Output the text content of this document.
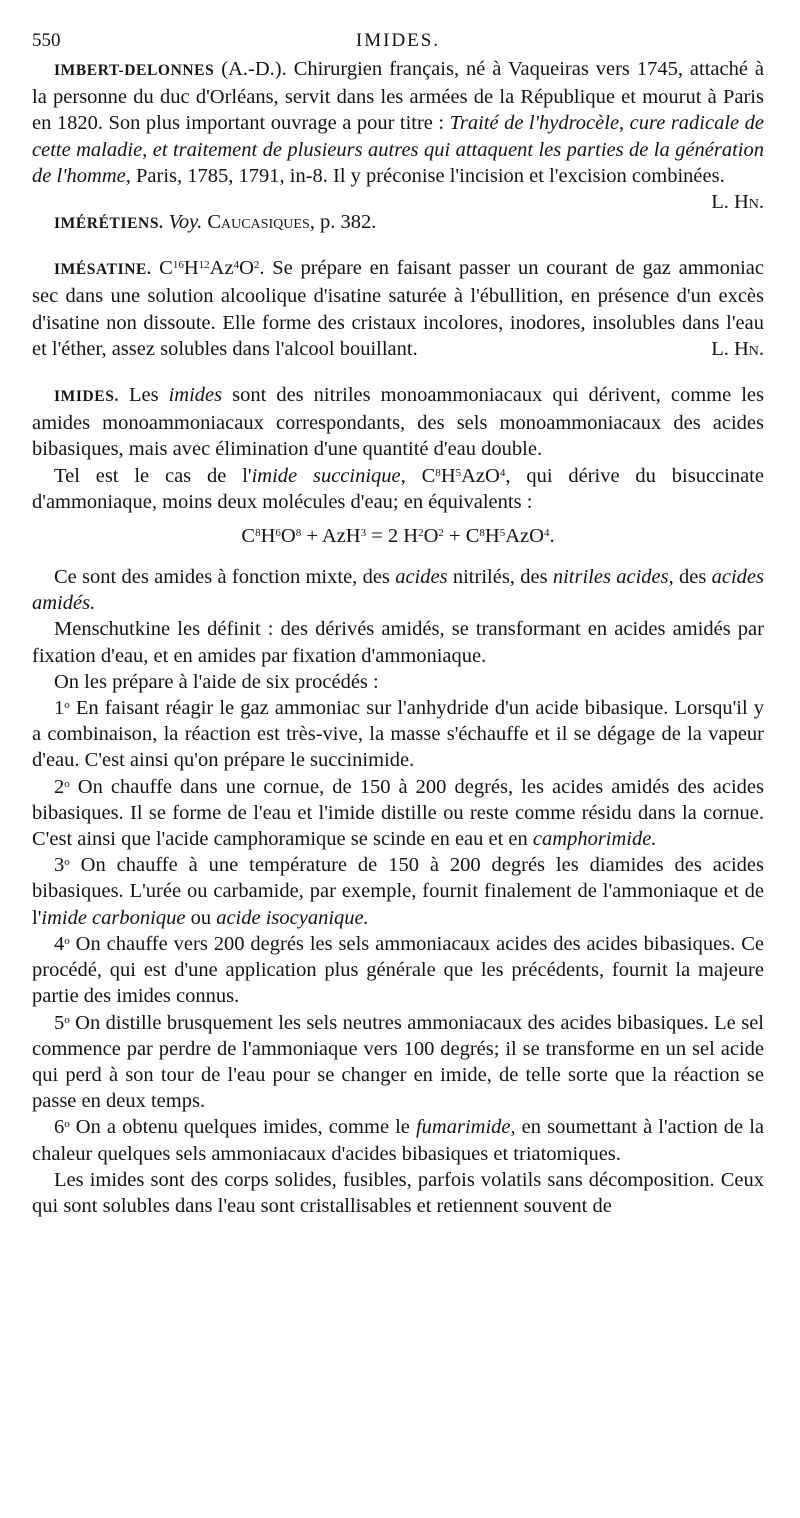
550	IMIDES.

IMBERT-DELONNES (A.-D.). Chirurgien français, né à Vaqueiras vers 1745, attaché à la personne du duc d'Orléans, servit dans les armées de la République et mourut à Paris en 1820. Son plus important ouvrage a pour titre : Traité de l'hydrocèle, cure radicale de cette maladie, et traitement de plusieurs autres qui attaquent les parties de la génération de l'homme, Paris, 1785, 1791, in-8. Il y préconise l'incision et l'excision combinées.
L. Hn.

IMÉRÉTIENS. Voy. Caucasiques, p. 382.

IMÉSATINE. $C^{16}H^{12}Az^4O^2$. Se prépare en faisant passer un courant de gaz ammoniac sec dans une solution alcoolique d'isatine saturée à l'ébullition, en présence d'un excès d'isatine non dissoute. Elle forme des cristaux incolores, inodores, insolubles dans l'eau et l'éther, assez solubles dans l'alcool bouillant.	L. Hn.

IMIDES. Les imides sont des nitriles monoammoniacaux qui dérivent, comme les amides monoammoniacaux correspondants, des sels monoammoniacaux des acides bibasiques, mais avec élimination d'une quantité d'eau double.

Tel est le cas de l'imide succinique, $C^8H^5AzO^4$, qui dérive du bisuccinate d'ammoniaque, moins deux molécules d'eau; en équivalents :

$C^8H^6O^8 + AzH^3 = 2$ $H^2O^2 + C^8H^5AzO^4$.

Ce sont des amides à fonction mixte, des acides nitrilés, des nitriles acides, des acides amidés.

Menschutkine les définit : des dérivés amidés, se transformant en acides amidés par fixation d'eau, et en amides par fixation d'ammoniaque.

On les prépare à l'aide de six procédés :

1$^o$ En faisant réagir le gaz ammoniac sur l'anhydride d'un acide bibasique. Lorsqu'il y a combinaison, la réaction est très-vive, la masse s'échauffe et il se dégage de la vapeur d'eau. C'est ainsi qu'on prépare le succinimide.

2$^o$ On chauffe dans une cornue, de 150 à 200 degrés, les acides amidés des acides bibasiques. Il se forme de l'eau et l'imide distille ou reste comme résidu dans la cornue. C'est ainsi que l'acide camphoramique se scinde en eau et en camphorimide.

3$^o$ On chauffe à une température de 150 à 200 degrés les diamides des acides bibasiques. L'urée ou carbamide, par exemple, fournit finalement de l'ammoniaque et de l'imide carbonique ou acide isocyanique.

4$^o$ On chauffe vers 200 degrés les sels ammoniacaux acides des acides bibasiques. Ce procédé, qui est d'une application plus générale que les précédents, fournit la majeure partie des imides connus.

5$^o$ On distille brusquement les sels neutres ammoniacaux des acides bibasiques. Le sel commence par perdre de l'ammoniaque vers 100 degrés; il se transforme en un sel acide qui perd à son tour de l'eau pour se changer en imide, de telle sorte que la réaction se passe en deux temps.

6$^o$ On a obtenu quelques imides, comme le fumarimide, en soumettant à l'action de la chaleur quelques sels ammoniacaux d'acides bibasiques et triatomiques.

Les imides sont des corps solides, fusibles, parfois volatils sans décomposition. Ceux qui sont solubles dans l'eau sont cristallisables et retiennent souvent de
